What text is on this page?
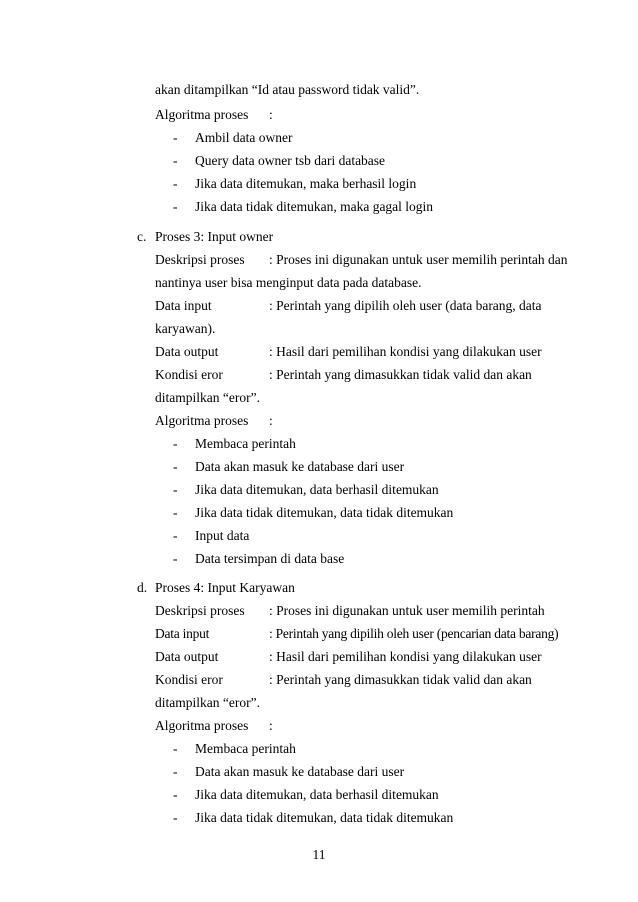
akan ditampilkan “Id atau password tidak valid”.
Algoritma proses :
- Ambil data owner
- Query data owner tsb dari database
- Jika data ditemukan, maka berhasil login
- Jika data tidak ditemukan, maka gagal login
c. Proses 3: Input owner
Deskripsi proses : Proses ini digunakan untuk user memilih perintah dan
nantinya user bisa menginput data pada database.
Data input	: Perintah yang dipilih oleh user (data barang, data
karyawan).
Data output	: Hasil dari pemilihan kondisi yang dilakukan user
Kondisi eror	: Perintah yang dimasukkan tidak valid dan akan
ditampilkan “eror”.
Algoritma proses :
- Membaca perintah
- Data akan masuk ke database dari user
- Jika data ditemukan, data berhasil ditemukan
- Jika data tidak ditemukan, data tidak ditemukan
- Input data
- Data tersimpan di data base
d. Proses 4: Input Karyawan
Deskripsi proses : Proses ini digunakan untuk user memilih perintah
Data input	: Perintah yang dipilih oleh user (pencarian data barang)
Data output	: Hasil dari pemilihan kondisi yang dilakukan user
Kondisi eror	: Perintah yang dimasukkan tidak valid dan akan
ditampilkan “eror”.
Algoritma proses :
- Membaca perintah
- Data akan masuk ke database dari user
- Jika data ditemukan, data berhasil ditemukan
- Jika data tidak ditemukan, data tidak ditemukan
11
